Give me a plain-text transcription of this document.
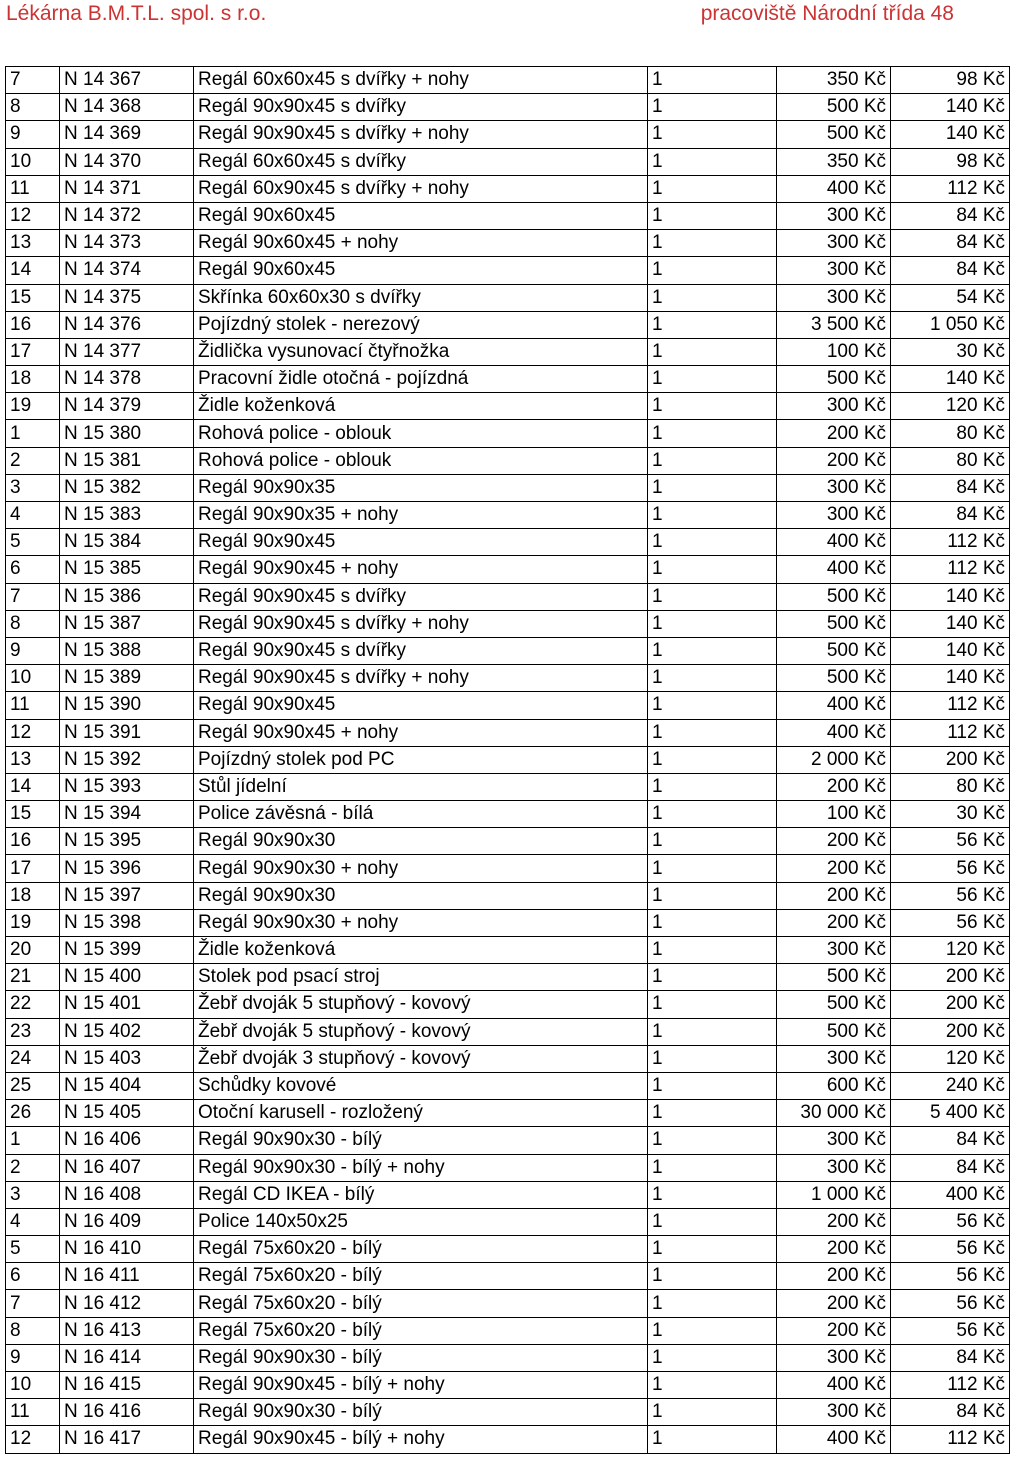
Lékárna B.M.T.L. spol. s r.o.	pracoviště Národní třída 48
7	N 14 367	Regál 60x60x45 s dvířky + nohy	1	350 Kč	98 Kč
8	N 14 368	Regál 90x90x45 s dvířky	1	500 Kč	140 Kč
9	N 14 369	Regál 90x90x45 s dvířky + nohy	1	500 Kč	140 Kč
10	N 14 370	Regál 60x60x45 s dvířky	1	350 Kč	98 Kč
11	N 14 371	Regál 60x90x45 s dvířky + nohy	1	400 Kč	112 Kč
12	N 14 372	Regál 90x60x45	1	300 Kč	84 Kč
13	N 14 373	Regál 90x60x45 + nohy	1	300 Kč	84 Kč
14	N 14 374	Regál 90x60x45	1	300 Kč	84 Kč
15	N 14 375	Skřínka 60x60x30 s dvířky	1	300 Kč	54 Kč
16	N 14 376	Pojízdný stolek - nerezový	1	3 500 Kč	1 050 Kč
17	N 14 377	Židlička vysunovací čtyřnožka	1	100 Kč	30 Kč
18	N 14 378	Pracovní židle otočná - pojízdná	1	500 Kč	140 Kč
19	N 14 379	Židle koženková	1	300 Kč	120 Kč
1	N 15 380	Rohová police - oblouk	1	200 Kč	80 Kč
2	N 15 381	Rohová police - oblouk	1	200 Kč	80 Kč
3	N 15 382	Regál 90x90x35	1	300 Kč	84 Kč
4	N 15 383	Regál 90x90x35 + nohy	1	300 Kč	84 Kč
5	N 15 384	Regál 90x90x45	1	400 Kč	112 Kč
6	N 15 385	Regál 90x90x45 + nohy	1	400 Kč	112 Kč
7	N 15 386	Regál 90x90x45 s dvířky	1	500 Kč	140 Kč
8	N 15 387	Regál 90x90x45 s dvířky + nohy	1	500 Kč	140 Kč
9	N 15 388	Regál 90x90x45 s dvířky	1	500 Kč	140 Kč
10	N 15 389	Regál 90x90x45 s dvířky + nohy	1	500 Kč	140 Kč
11	N 15 390	Regál 90x90x45	1	400 Kč	112 Kč
12	N 15 391	Regál 90x90x45 + nohy	1	400 Kč	112 Kč
13	N 15 392	Pojízdný stolek pod PC	1	2 000 Kč	200 Kč
14	N 15 393	Stůl jídelní	1	200 Kč	80 Kč
15	N 15 394	Police závěsná - bílá	1	100 Kč	30 Kč
16	N 15 395	Regál 90x90x30	1	200 Kč	56 Kč
17	N 15 396	Regál 90x90x30 + nohy	1	200 Kč	56 Kč
18	N 15 397	Regál 90x90x30	1	200 Kč	56 Kč
19	N 15 398	Regál 90x90x30 + nohy	1	200 Kč	56 Kč
20	N 15 399	Židle koženková	1	300 Kč	120 Kč
21	N 15 400	Stolek pod psací stroj	1	500 Kč	200 Kč
22	N 15 401	Žebř dvoják 5 stupňový - kovový	1	500 Kč	200 Kč
23	N 15 402	Žebř dvoják 5 stupňový - kovový	1	500 Kč	200 Kč
24	N 15 403	Žebř dvoják 3 stupňový - kovový	1	300 Kč	120 Kč
25	N 15 404	Schůdky kovové	1	600 Kč	240 Kč
26	N 15 405	Otoční karusell - rozložený	1	30 000 Kč	5 400 Kč
1	N 16 406	Regál 90x90x30 - bílý	1	300 Kč	84 Kč
2	N 16 407	Regál 90x90x30 - bílý + nohy	1	300 Kč	84 Kč
3	N 16 408	Regál CD IKEA - bílý	1	1 000 Kč	400 Kč
4	N 16 409	Police 140x50x25	1	200 Kč	56 Kč
5	N 16 410	Regál 75x60x20 - bílý	1	200 Kč	56 Kč
6	N 16 411	Regál 75x60x20 - bílý	1	200 Kč	56 Kč
7	N 16 412	Regál 75x60x20 - bílý	1	200 Kč	56 Kč
8	N 16 413	Regál 75x60x20 - bílý	1	200 Kč	56 Kč
9	N 16 414	Regál 90x90x30 - bílý	1	300 Kč	84 Kč
10	N 16 415	Regál 90x90x45 - bílý + nohy	1	400 Kč	112 Kč
11	N 16 416	Regál 90x90x30 - bílý	1	300 Kč	84 Kč
12	N 16 417	Regál 90x90x45 - bílý + nohy	1	400 Kč	112 Kč
